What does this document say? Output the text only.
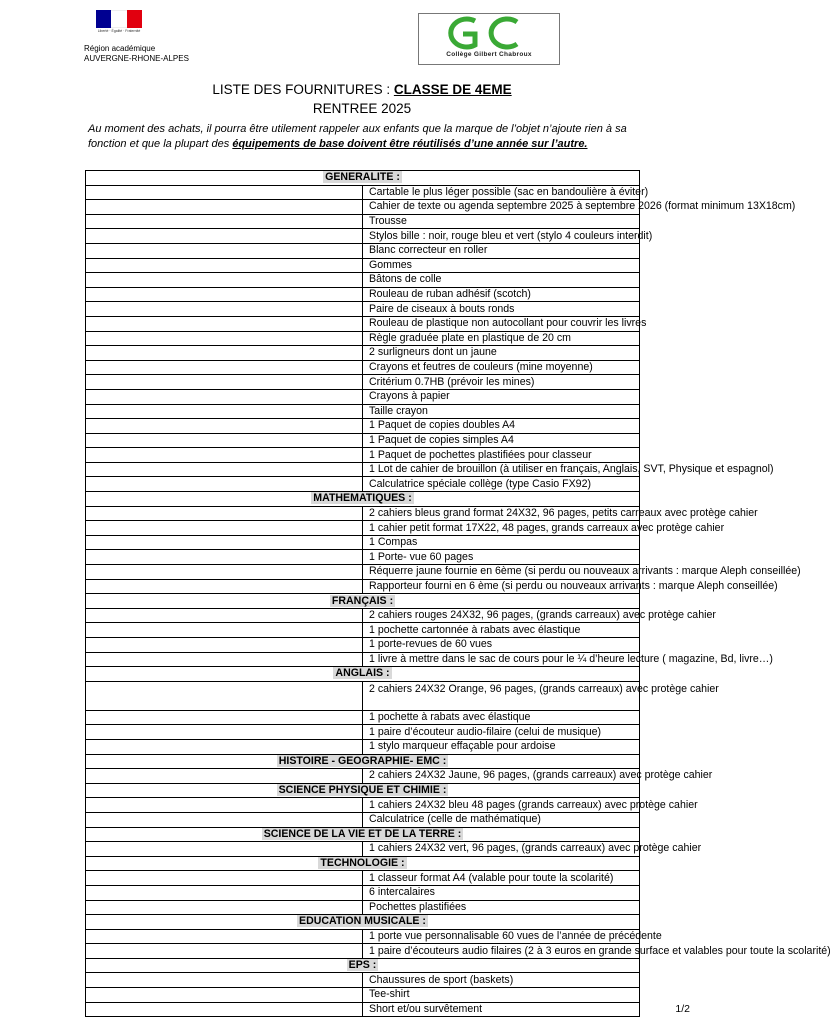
Liberté · Égalité · Fraternité
Région académique
AUVERGNE-RHONE-ALPES	Collège Gilbert Chabroux
LISTE DES FOURNITURES : CLASSE DE 4EME
RENTREE 2025
Au moment des achats, il pourra être utilement rappeler aux enfants que la marque de l’objet n’ajoute rien à sa fonction et que la plupart des équipements de base doivent être réutilisés d’une année sur l’autre.
GENERALITE :	
	Cartable le plus léger possible (sac en bandoulière à éviter)
	Cahier de texte ou agenda septembre 2025 à septembre 2026 (format minimum 13X18cm)
	Trousse
	Stylos bille : noir, rouge bleu et vert (stylo 4 couleurs interdit)
	Blanc correcteur en roller
	Gommes
	Bâtons de colle
	Rouleau de ruban adhésif (scotch)
	Paire de ciseaux à bouts ronds
	Rouleau de plastique non autocollant pour couvrir les livres
	Règle graduée plate en plastique de 20 cm
	2 surligneurs dont un jaune
	Crayons et feutres de couleurs (mine moyenne)
	Critérium 0.7HB (prévoir les mines)
	Crayons à papier
	Taille crayon
	1 Paquet de copies doubles A4
	1 Paquet de copies simples A4
	1 Paquet de pochettes plastifiées pour classeur
	1 Lot de cahier de brouillon (à utiliser en français, Anglais, SVT, Physique et espagnol)
	Calculatrice spéciale collège (type Casio FX92)
MATHEMATIQUES :	
	2 cahiers bleus grand format 24X32, 96 pages, petits carreaux avec protège cahier
	1 cahier petit format 17X22, 48 pages, grands carreaux avec protège cahier
	1 Compas
	1 Porte- vue 60 pages
	Réquerre jaune fournie en 6ème (si perdu ou nouveaux arrivants : marque Aleph conseillée)
	Rapporteur fourni en 6 ème (si perdu ou nouveaux arrivants : marque Aleph conseillée)
FRANÇAIS :	
	2 cahiers rouges 24X32, 96 pages, (grands carreaux) avec protège cahier
	1 pochette cartonnée à rabats avec élastique
	1 porte-revues de 60 vues
	1 livre à mettre dans le sac de cours pour le ¼ d’heure lecture ( magazine, Bd, livre…)
ANGLAIS :	
	2 cahiers 24X32 Orange, 96 pages, (grands carreaux) avec protège cahier
	1 pochette à rabats avec élastique
	1 paire d’écouteur audio-filaire (celui de musique)
	1 stylo marqueur effaçable pour ardoise
HISTOIRE - GEOGRAPHIE- EMC :	
	2 cahiers 24X32 Jaune, 96 pages, (grands carreaux) avec protège cahier
SCIENCE PHYSIQUE ET CHIMIE :	
	1 cahiers 24X32 bleu 48 pages (grands carreaux) avec protège cahier
	Calculatrice (celle de mathématique)
SCIENCE DE LA VIE ET DE LA TERRE :	
	1 cahiers 24X32 vert, 96 pages, (grands carreaux) avec protège cahier
TECHNOLOGIE :	
	1 classeur format A4 (valable pour toute la scolarité)
	6 intercalaires
	Pochettes plastifiées
EDUCATION MUSICALE :	
	1 porte vue personnalisable 60 vues de l’année de précédente
	1 paire d’écouteurs audio filaires (2 à 3 euros en grande surface et valables pour toute la scolarité)
EPS :	
	Chaussures de sport (baskets)
	Tee-shirt
	Short et/ou survêtement	1/2
